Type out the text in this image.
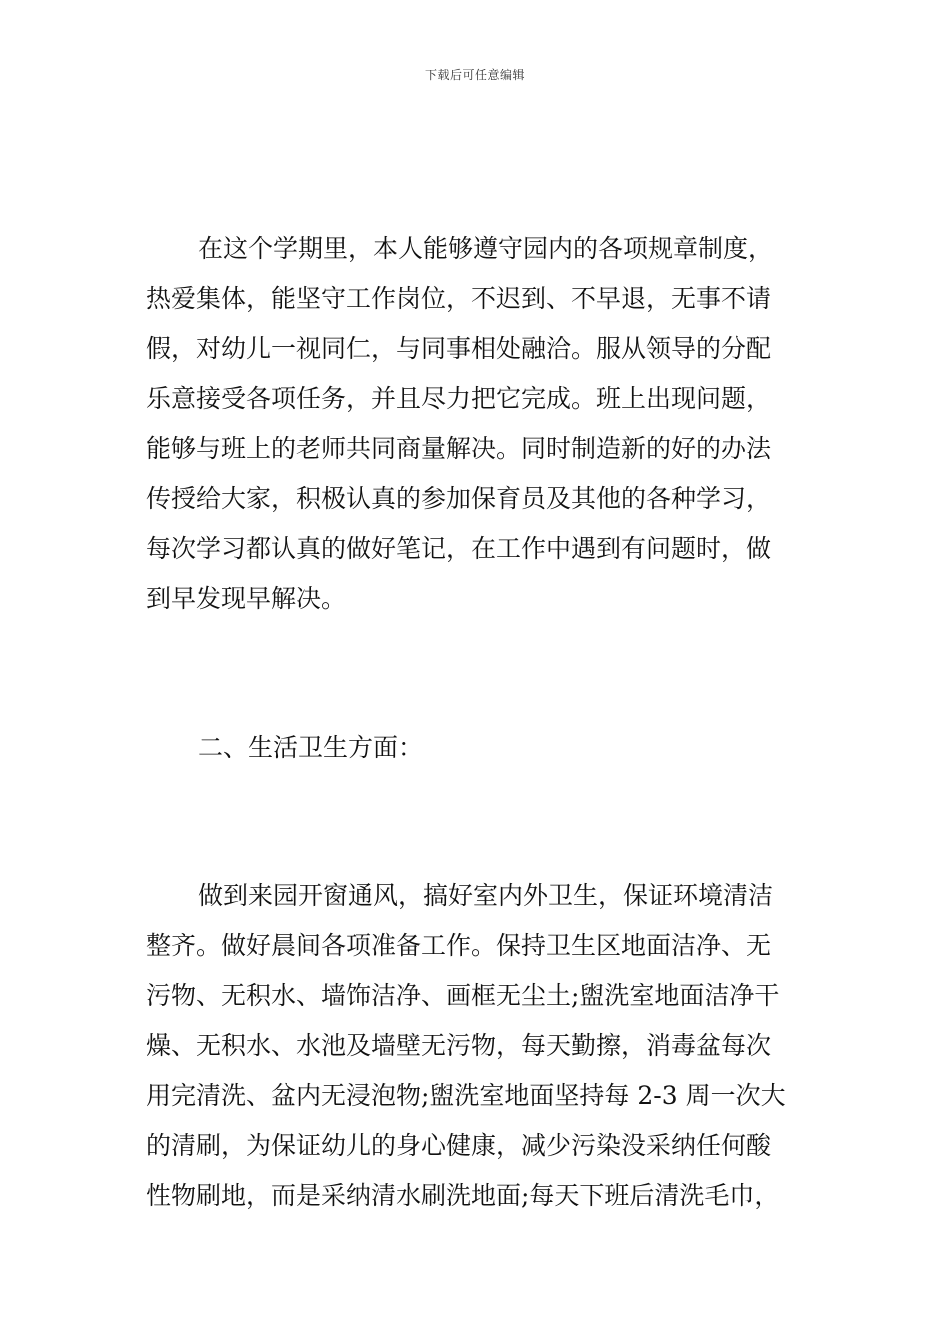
下载后可任意编辑
在这个学期里，本人能够遵守园内的各项规章制度，
热爱集体，能坚守工作岗位，不迟到、不早退，无事不请
假，对幼儿一视同仁，与同事相处融洽。服从领导的分配
乐意接受各项任务，并且尽力把它完成。班上出现问题，
能够与班上的老师共同商量解决。同时制造新的好的办法
传授给大家，积极认真的参加保育员及其他的各种学习，
每次学习都认真的做好笔记，在工作中遇到有问题时，做
到早发现早解决。
二、生活卫生方面：
做到来园开窗通风，搞好室内外卫生，保证环境清洁
整齐。做好晨间各项准备工作。保持卫生区地面洁净、无
污物、无积水、墙饰洁净、画框无尘土;盥洗室地面洁净干
燥、无积水、水池及墙壁无污物，每天勤擦，消毒盆每次
用完清洗、盆内无浸泡物;盥洗室地面坚持每 2-3 周一次大
的清刷，为保证幼儿的身心健康，减少污染没采纳任何酸
性物刷地，而是采纳清水刷洗地面;每天下班后清洗毛巾，
